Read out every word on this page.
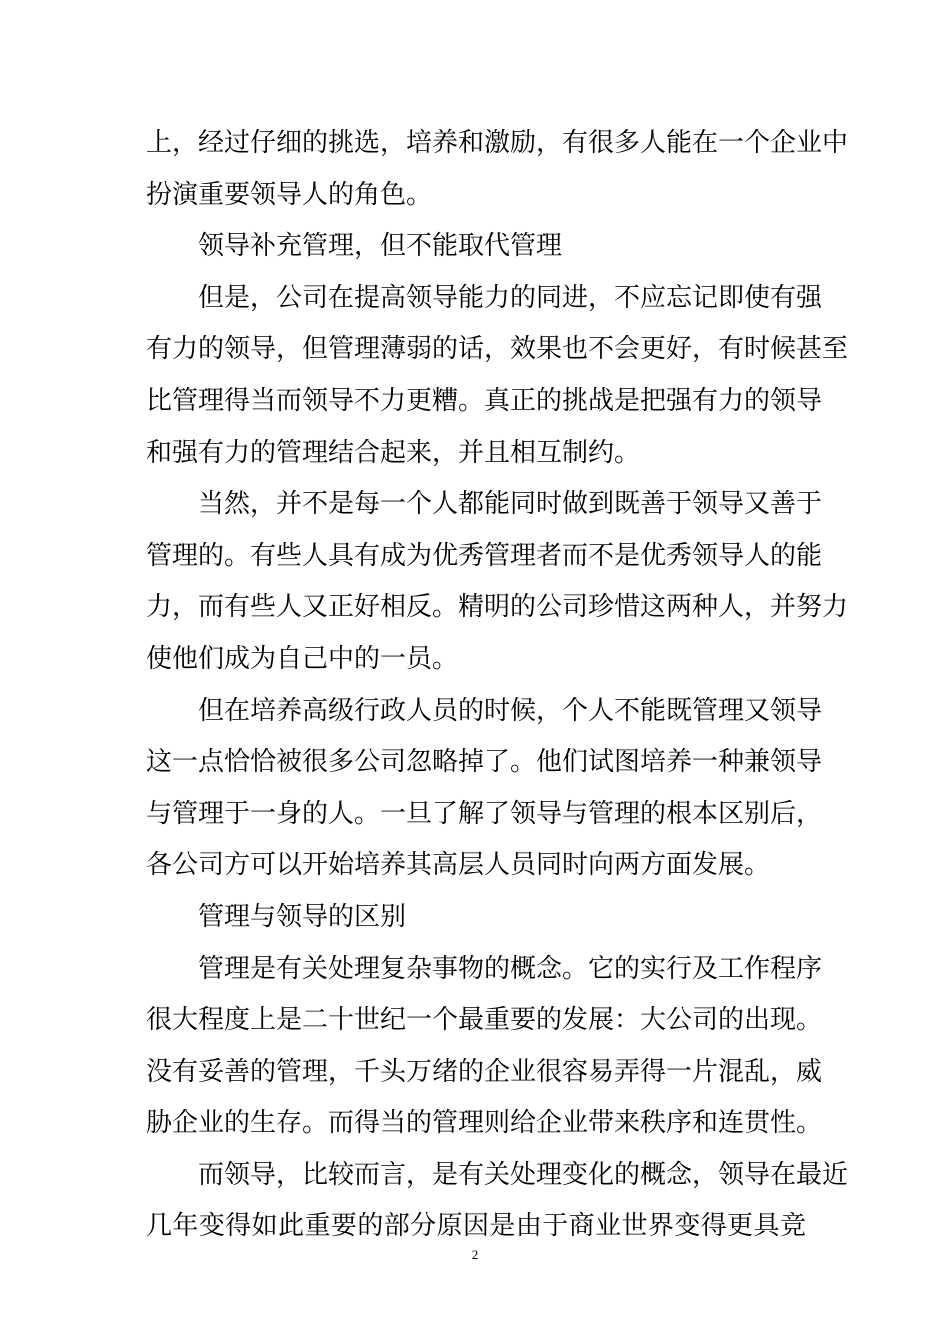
上，经过仔细的挑选，培养和激励，有很多人能在一个企业中
扮演重要领导人的角色。
领导补充管理，但不能取代管理
但是，公司在提高领导能力的同进，不应忘记即使有强
有力的领导，但管理薄弱的话，效果也不会更好，有时候甚至
比管理得当而领导不力更糟。真正的挑战是把强有力的领导
和强有力的管理结合起来，并且相互制约。
当然，并不是每一个人都能同时做到既善于领导又善于
管理的。有些人具有成为优秀管理者而不是优秀领导人的能
力，而有些人又正好相反。精明的公司珍惜这两种人，并努力
使他们成为自己中的一员。
但在培养高级行政人员的时候，个人不能既管理又领导
这一点恰恰被很多公司忽略掉了。他们试图培养一种兼领导
与管理于一身的人。一旦了解了领导与管理的根本区别后，
各公司方可以开始培养其高层人员同时向两方面发展。
管理与领导的区别
管理是有关处理复杂事物的概念。它的实行及工作程序
很大程度上是二十世纪一个最重要的发展：大公司的出现。
没有妥善的管理，千头万绪的企业很容易弄得一片混乱，威
胁企业的生存。而得当的管理则给企业带来秩序和连贯性。
而领导，比较而言，是有关处理变化的概念，领导在最近
几年变得如此重要的部分原因是由于商业世界变得更具竞
2
